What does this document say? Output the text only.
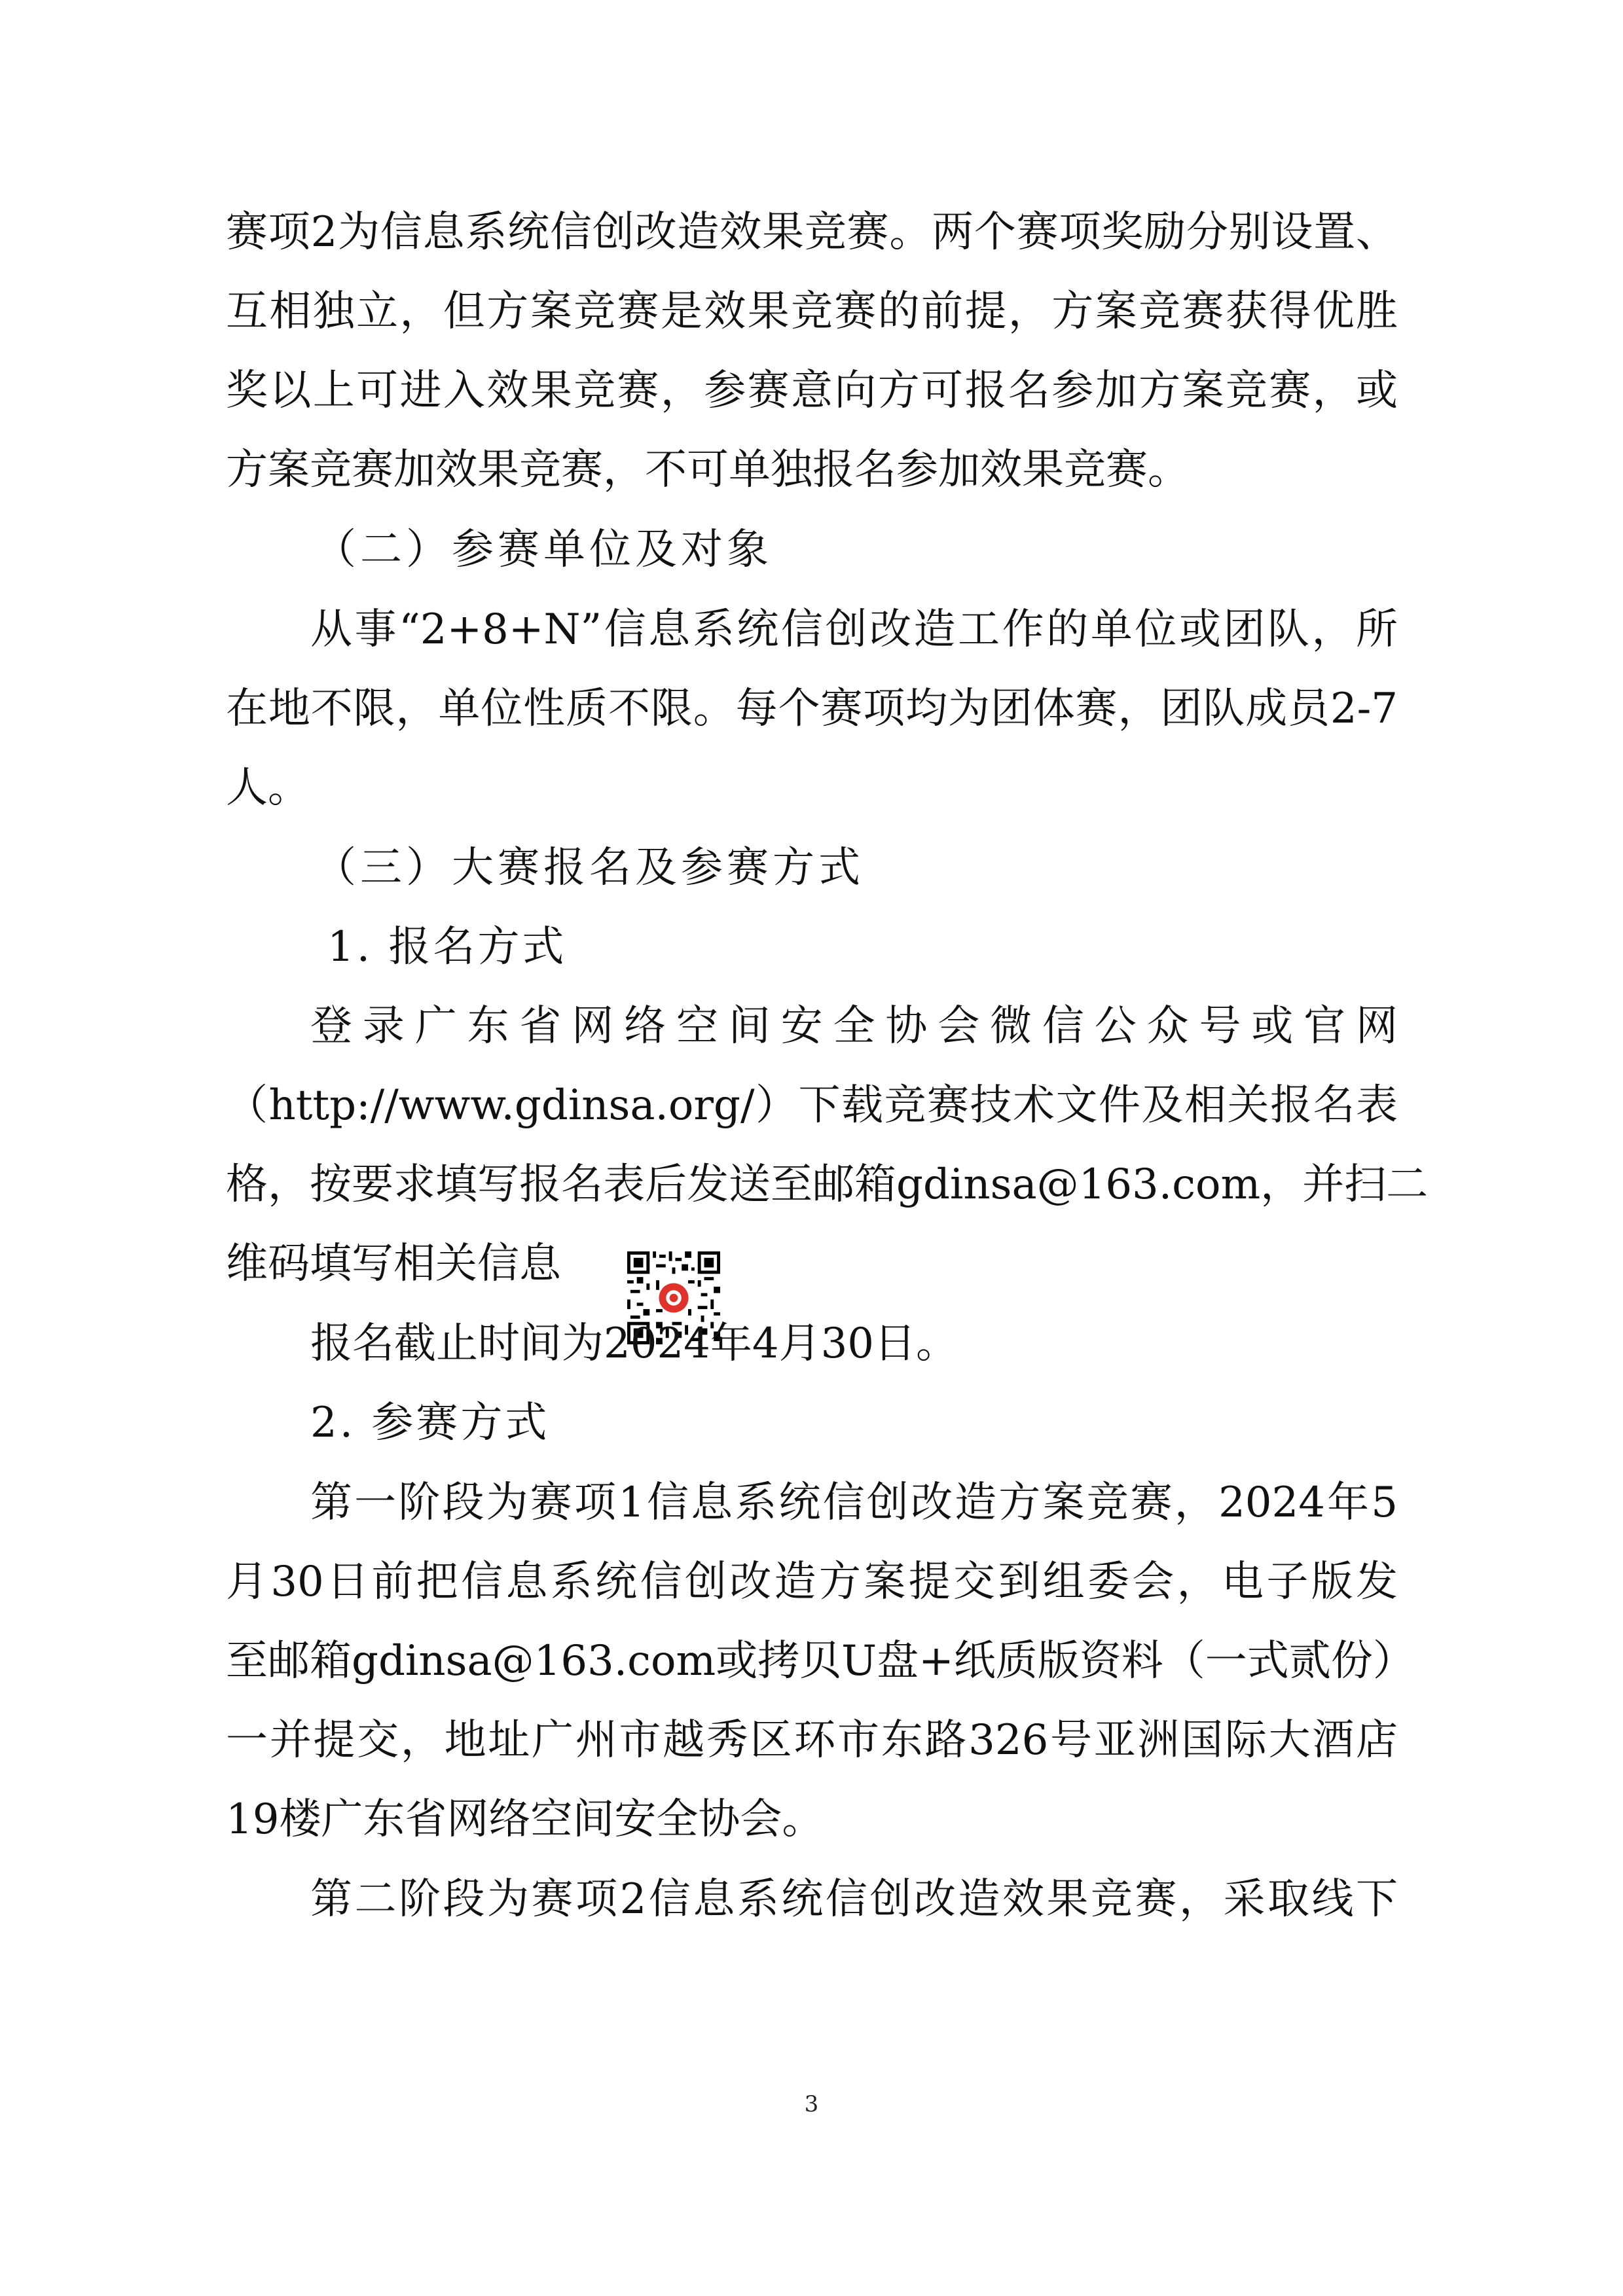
赛项2为信息系统信创改造效果竞赛。两个赛项奖励分别设置、
互相独立，但方案竞赛是效果竞赛的前提，方案竞赛获得优胜
奖以上可进入效果竞赛，参赛意向方可报名参加方案竞赛，或
方案竞赛加效果竞赛，不可单独报名参加效果竞赛。
（二）参赛单位及对象
从事“2+8+N”信息系统信创改造工作的单位或团队，所
在地不限，单位性质不限。每个赛项均为团体赛，团队成员2-7
人。
（三）大赛报名及参赛方式
1. 报名方式
登录广东省网络空间安全协会微信公众号或官网
（http://www.gdinsa.org/）下载竞赛技术文件及相关报名表
格，按要求填写报名表后发送至邮箱gdinsa@163.com，并扫二
维码填写相关信息
报名截止时间为2024年4月30日。
2. 参赛方式
第一阶段为赛项1信息系统信创改造方案竞赛，2024年5
月30日前把信息系统信创改造方案提交到组委会，电子版发
至邮箱gdinsa@163.com或拷贝U盘+纸质版资料（一式贰份）
一并提交，地址广州市越秀区环市东路326号亚洲国际大酒店
19楼广东省网络空间安全协会。
第二阶段为赛项2信息系统信创改造效果竞赛，采取线下
3
